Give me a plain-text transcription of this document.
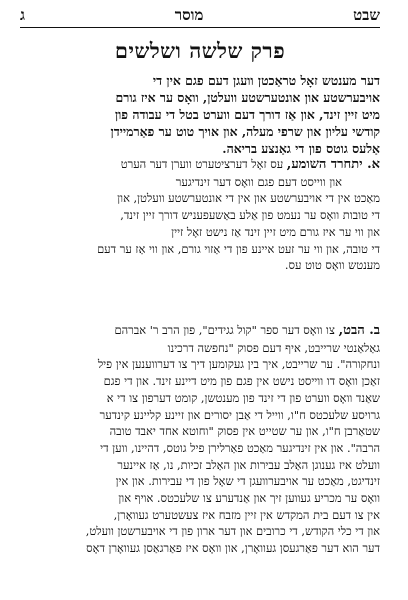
שבט
מוסר
ג
פרק שלשה ושלשים
דער מענטש זאָל טראַכטן וועגן דעם פגם אין די
אויבערשטע און אונטערשטע וועלטן, וואָס ער איז גורם
מיט זיין זינד, און אַז דורך דעם ווערט בטל די עבודה פון
קודשי עליון און שרפי מעלה, און אויך טוט ער פאַרמיידן
אַלעס גוטס פון די גאַנצע בריאה.
א. יתחרד השומע, עס זאָל דערציטערט ווערן דער הערט
און ווייסט דעם פגם וואָס דער זינדיגער
מאַכט אין די אויבערשטע און אין די אונטערשטע וועלטן, און
די טובות וואָס ער נעמט פון אַלע באַשעפעניש דורך זיין זינד,
און ווי ער איז גורם מיט זיין זינד אַז נישט זאָל זיין
די טובה, און ווי ער זעט איינע פון די אַזוי גורם, און ווי אַז ער דעם
מענטש וואָס טוט עס.
ב. הבט, צו וואָס דער ספר "קול גגידים", פון הרב ר' אברהם
גאַלאַנטי שרייבט, איף דעם פסוק "נחפשה דרכינו
ונחקורה". ער שרייבט, איך בין געקומען דיך צו דערווענען אין פיל
זאַכן וואָס דו ווייסט נישט אין פגם פון מיט דיינע זינד. און די פגם
שאַנד וואָס ווערט פון די זינד פון מענטשן, קומט דערפון צו די א
גרויסע שלעכטס ח"ו, ווייל די אַבן יסורים און זיינע קליינע קינדער
שטאַרבן ח"ו, און ער שטייט אין פסוק "וחוטא אחד יאבד טובה
הרבה". און אין זינדיגער מאַכט פאַרלירן פיל גוטס, דהיינו, ווען די
וועלט איז גענוגן האַלב עבירות און האַלב זכיות, נו, אַז איינער
זינדיגט, מאַכט ער אויבערוועגן די שאָל פון די עבירות. און אין
וואָס ער מכריע געווען זיך און אַנדערע צו שלעכטס. אויף און
אין צו דעם בית המקדש אין זיין מזבח איז צעשטערט געוואָרן,
און די כלי הקודש, די כרובים און דער ארון פון די אויבערשטן וועלט,
דער הוא דער פאַרגעסן געוואָרן, און וואָס איז פאַרגאַסן געוואָרן דאָס
